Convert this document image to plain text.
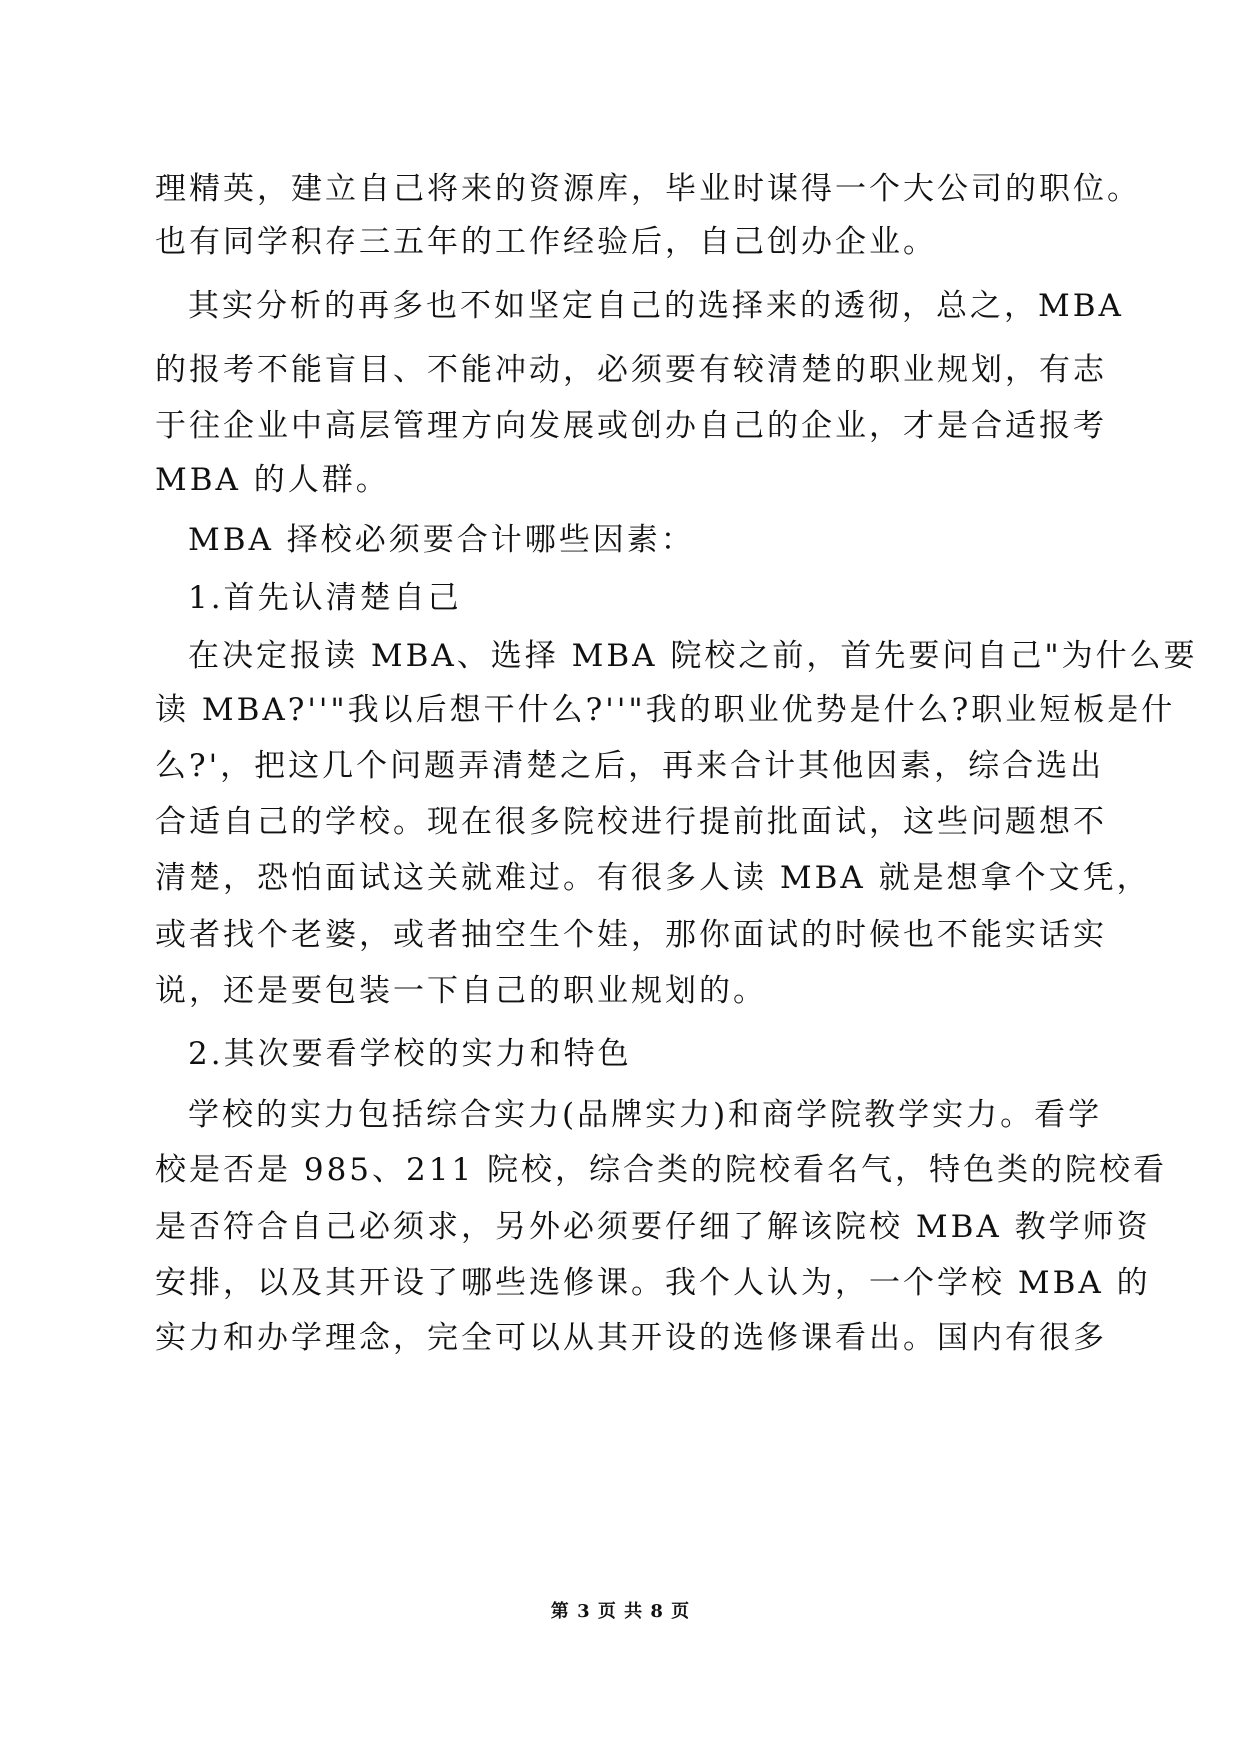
理精英，建立自己将来的资源库，毕业时谋得一个大公司的职位。
也有同学积存三五年的工作经验后，自己创办企业。
其实分析的再多也不如坚定自己的选择来的透彻，总之，MBA
的报考不能盲目、不能冲动，必须要有较清楚的职业规划，有志
于往企业中高层管理方向发展或创办自己的企业，才是合适报考
MBA 的人群。
MBA 择校必须要合计哪些因素：
1.首先认清楚自己
在决定报读 MBA、选择 MBA 院校之前，首先要问自己"为什么要
读 MBA?''"我以后想干什么?''"我的职业优势是什么?职业短板是什
么?'，把这几个问题弄清楚之后，再来合计其他因素，综合选出
合适自己的学校。现在很多院校进行提前批面试，这些问题想不
清楚，恐怕面试这关就难过。有很多人读 MBA 就是想拿个文凭，
或者找个老婆，或者抽空生个娃，那你面试的时候也不能实话实
说，还是要包装一下自己的职业规划的。
2.其次要看学校的实力和特色
学校的实力包括综合实力(品牌实力)和商学院教学实力。看学
校是否是 985、211 院校，综合类的院校看名气，特色类的院校看
是否符合自己必须求，另外必须要仔细了解该院校 MBA 教学师资
安排，以及其开设了哪些选修课。我个人认为，一个学校 MBA 的
实力和办学理念，完全可以从其开设的选修课看出。国内有很多
第 3 页 共 8 页
